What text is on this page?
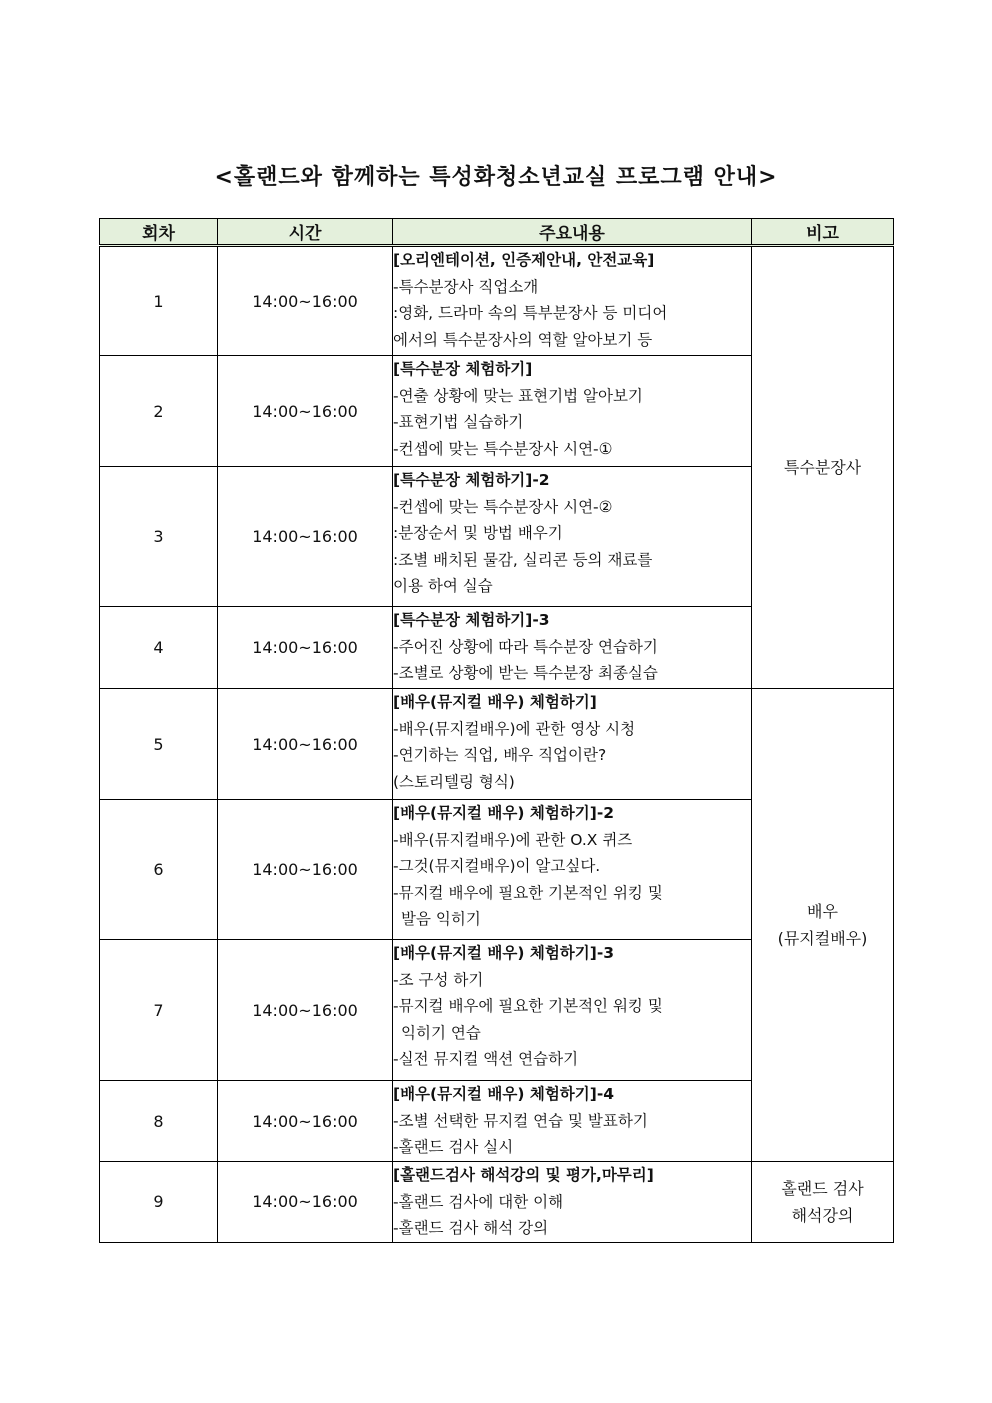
<홀랜드와 함께하는 특성화청소년교실 프로그램 안내>
회차	시간	주요내용	비고
1	14:00~16:00	[오리엔테이션, 인증제안내, 안전교육]
-특수분장사 직업소개
:영화, 드라마 속의 특부분장사 등 미디어
에서의 특수분장사의 역할 알아보기 등	특수분장사
2	14:00~16:00	[특수분장 체험하기]
-연출 상황에 맞는 표현기법 알아보기
-표현기법 실습하기
-컨셉에 맞는 특수분장사 시연-①	

3	14:00~16:00	[특수분장 체험하기]-2
-컨셉에 맞는 특수분장사 시연-②
:분장순서 및 방법 배우기
:조별 배치된 물감, 실리콘 등의 재료를
이용 하여 실습	

4	14:00~16:00	[특수분장 체험하기]-3
-주어진 상황에 따라 특수분장 연습하기
-조별로 상황에 받는 특수분장 최종실습	

5	14:00~16:00	[배우(뮤지컬 배우) 체험하기]
-배우(뮤지컬배우)에 관한 영상 시청
-연기하는 직업, 배우 직업이란?
(스토리텔링 형식)	배우
(뮤지컬배우)

6	14:00~16:00	[배우(뮤지컬 배우) 체험하기]-2
-배우(뮤지컬배우)에 관한 O.X 퀴즈
-그것(뮤지컬배우)이 알고싶다.
-뮤지컬 배우에 필요한 기본적인 위킹 및
발음 익히기	

7	14:00~16:00	[배우(뮤지컬 배우) 체험하기]-3
-조 구성 하기
-뮤지컬 배우에 필요한 기본적인 워킹 및
익히기 연습
-실전 뮤지컬 액션 연습하기	

8	14:00~16:00	[배우(뮤지컬 배우) 체험하기]-4
-조별 선택한 뮤지컬 연습 및 발표하기
-홀랜드 검사 실시	

9	14:00~16:00	[홀랜드검사 해석강의 및 평가,마무리]
-홀랜드 검사에 대한 이해
-홀랜드 검사 해석 강의	홀랜드 검사
해석강의
